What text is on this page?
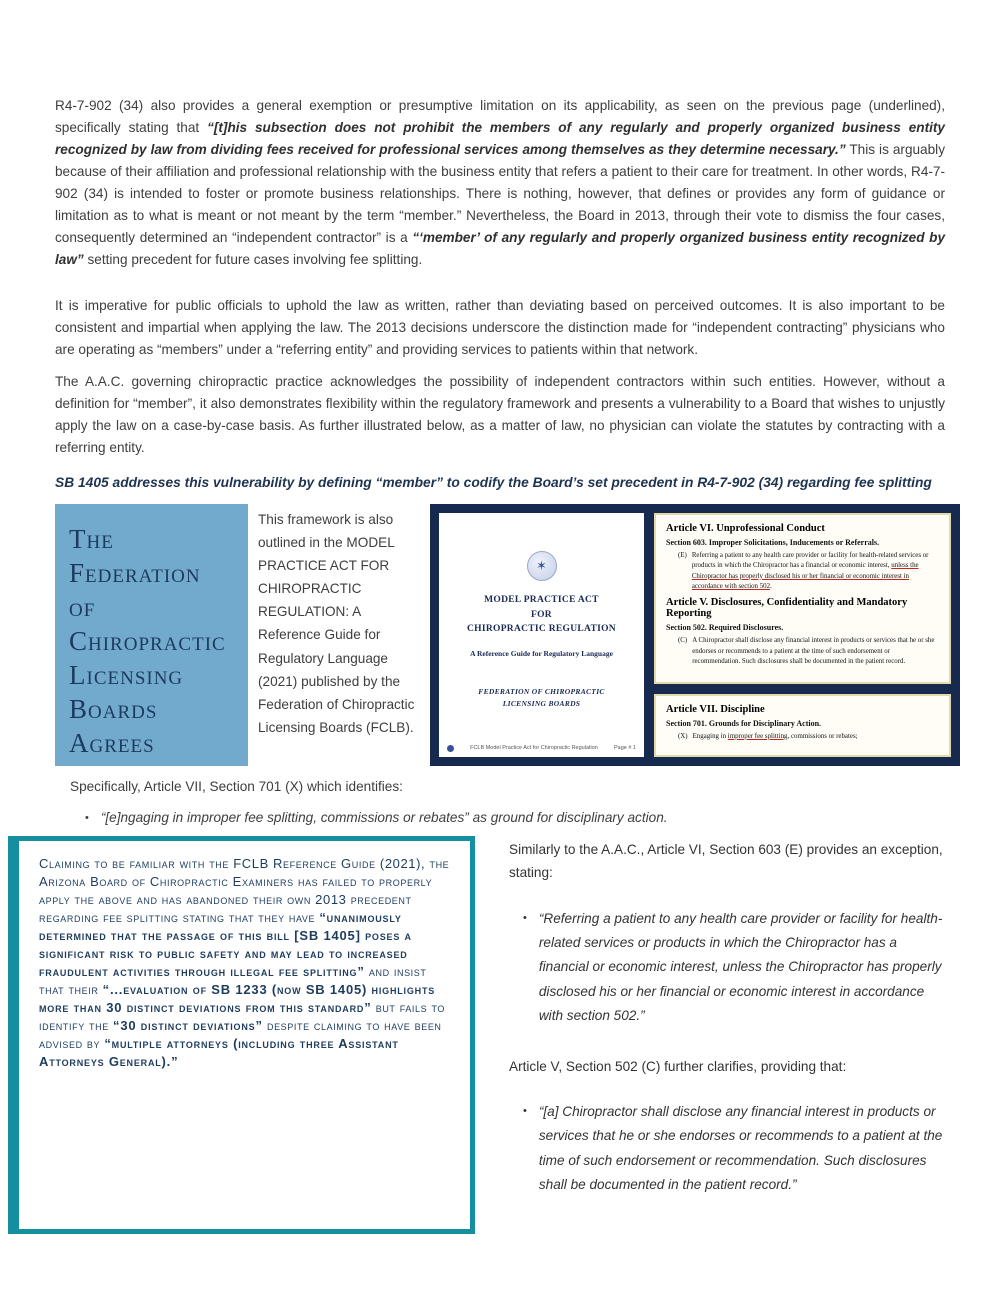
R4-7-902 (34) also provides a general exemption or presumptive limitation on its applicability, as seen on the previous page (underlined), specifically stating that “[t]his subsection does not prohibit the members of any regularly and properly organized business entity recognized by law from dividing fees received for professional services among themselves as they determine necessary.” This is arguably because of their affiliation and professional relationship with the business entity that refers a patient to their care for treatment. In other words, R4-7-902 (34) is intended to foster or promote business relationships. There is nothing, however, that defines or provides any form of guidance or limitation as to what is meant or not meant by the term “member.” Nevertheless, the Board in 2013, through their vote to dismiss the four cases, consequently determined an “independent contractor” is a “‘member’ of any regularly and properly organized business entity recognized by law” setting precedent for future cases involving fee splitting.

It is imperative for public officials to uphold the law as written, rather than deviating based on perceived outcomes. It is also important to be consistent and impartial when applying the law. The 2013 decisions underscore the distinction made for “independent contracting” physicians who are operating as “members” under a “referring entity” and providing services to patients within that network.

The A.A.C. governing chiropractic practice acknowledges the possibility of independent contractors within such entities. However, without a definition for “member”, it also demonstrates flexibility within the regulatory framework and presents a vulnerability to a Board that wishes to unjustly apply the law on a case-by-case basis. As further illustrated below, as a matter of law, no physician can violate the statutes by contracting with a referring entity.

SB 1405 addresses this vulnerability by defining “member” to codify the Board’s set precedent in R4-7-902 (34) regarding fee splitting

The
Federation
of
Chiropractic
Licensing
Boards
Agrees
This framework is also outlined in the MODEL PRACTICE ACT FOR CHIROPRACTIC REGULATION: A Reference Guide for Regulatory Language (2021) published by the Federation of Chiropractic Licensing Boards (FCLB).
✶
MODEL PRACTICE ACT
FOR
CHIROPRACTIC REGULATION
A Reference Guide for Regulatory Language
FEDERATION OF CHIROPRACTIC
LICENSING BOARDS
FCLB Model Practice Act for Chiropractic Regulation	Page # 1
Article VI. Unprofessional Conduct
Section 603. Improper Solicitations, Inducements or Referrals.
(E) Referring a patient to any health care provider or facility for health-related services or products in which the Chiropractor has a financial or economic interest, unless the Chiropractor has properly disclosed his or her financial or economic interest in accordance with section 502.
Article V. Disclosures, Confidentiality and Mandatory Reporting
Section 502. Required Disclosures.
(C) A Chiropractor shall disclose any financial interest in products or services that he or she endorses or recommends to a patient at the time of such endorsement or recommendation. Such disclosures shall be documented in the patient record.
Article VII. Discipline
Section 701. Grounds for Disciplinary Action.
(X) Engaging in improper fee splitting, commissions or rebates;
Specifically, Article VII, Section 701 (X) which identifies:
• “[e]ngaging in improper fee splitting, commissions or rebates” as ground for disciplinary action.
Claiming to be familiar with the FCLB Reference Guide (2021), the Arizona Board of Chiropractic Examiners has failed to properly apply the above and has abandoned their own 2013 precedent regarding fee splitting stating that they have “unanimously determined that the passage of this bill [SB 1405] poses a significant risk to public safety and may lead to increased fraudulent activities through illegal fee splitting” and insist that their “...evaluation of SB 1233 (now SB 1405) highlights more than 30 distinct deviations from this standard” but fails to identify the “30 distinct deviations” despite claiming to have been advised by “multiple attorneys (including three Assistant Attorneys General).”
Similarly to the A.A.C., Article VI, Section 603 (E) provides an exception, stating:
• “Referring a patient to any health care provider or facility for health-related services or products in which the Chiropractor has a financial or economic interest, unless the Chiropractor has properly disclosed his or her financial or economic interest in accordance with section 502.”
Article V, Section 502 (C) further clarifies, providing that:
• “[a] Chiropractor shall disclose any financial interest in products or services that he or she endorses or recommends to a patient at the time of such endorsement or recommendation. Such disclosures shall be documented in the patient record.”
